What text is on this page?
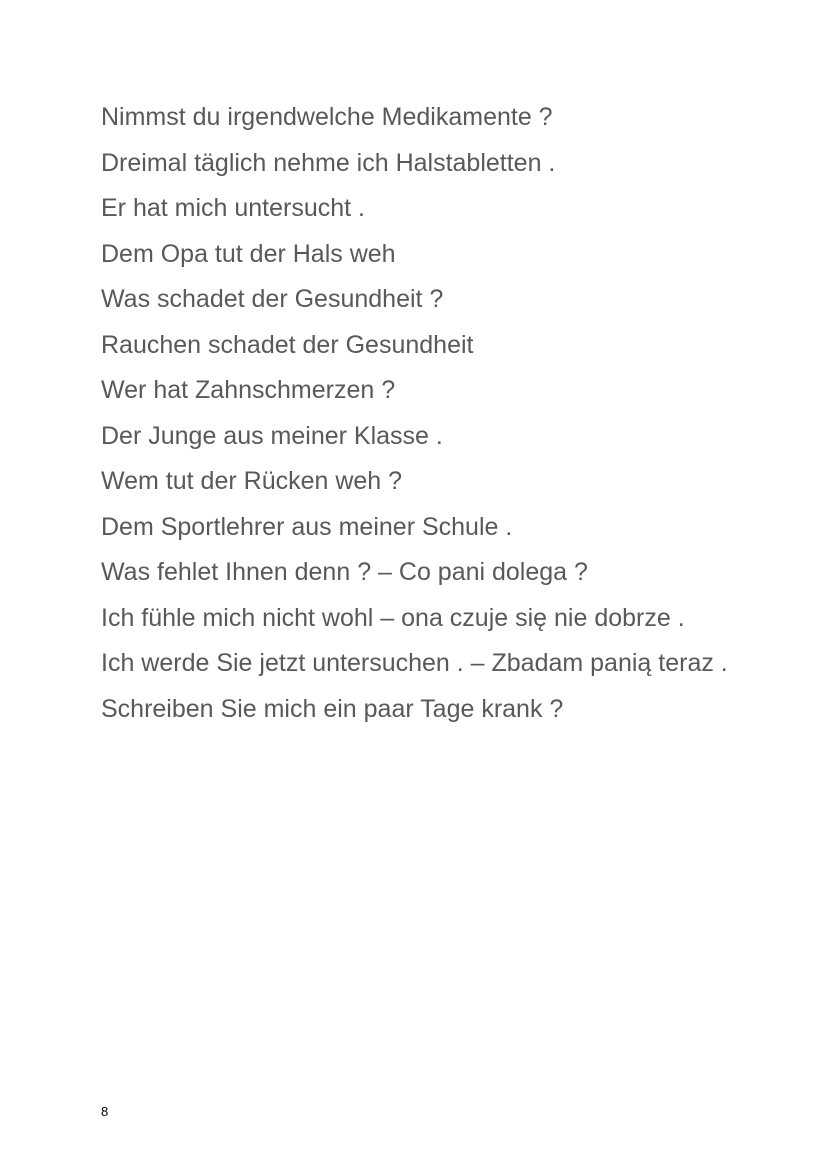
Nimmst du irgendwelche Medikamente ?

Dreimal täglich nehme ich Halstabletten .

Er hat mich untersucht .

Dem Opa tut der Hals weh

Was schadet der Gesundheit ?

Rauchen schadet der Gesundheit

Wer hat Zahnschmerzen ?

Der Junge aus meiner Klasse .

Wem tut der Rücken weh ?

Dem Sportlehrer aus meiner Schule .

Was fehlet Ihnen denn ? – Co pani dolega ?

Ich fühle mich nicht wohl – ona czuje się nie dobrze .

Ich werde Sie jetzt untersuchen . – Zbadam panią teraz .

Schreiben Sie mich ein paar Tage krank ?

8
